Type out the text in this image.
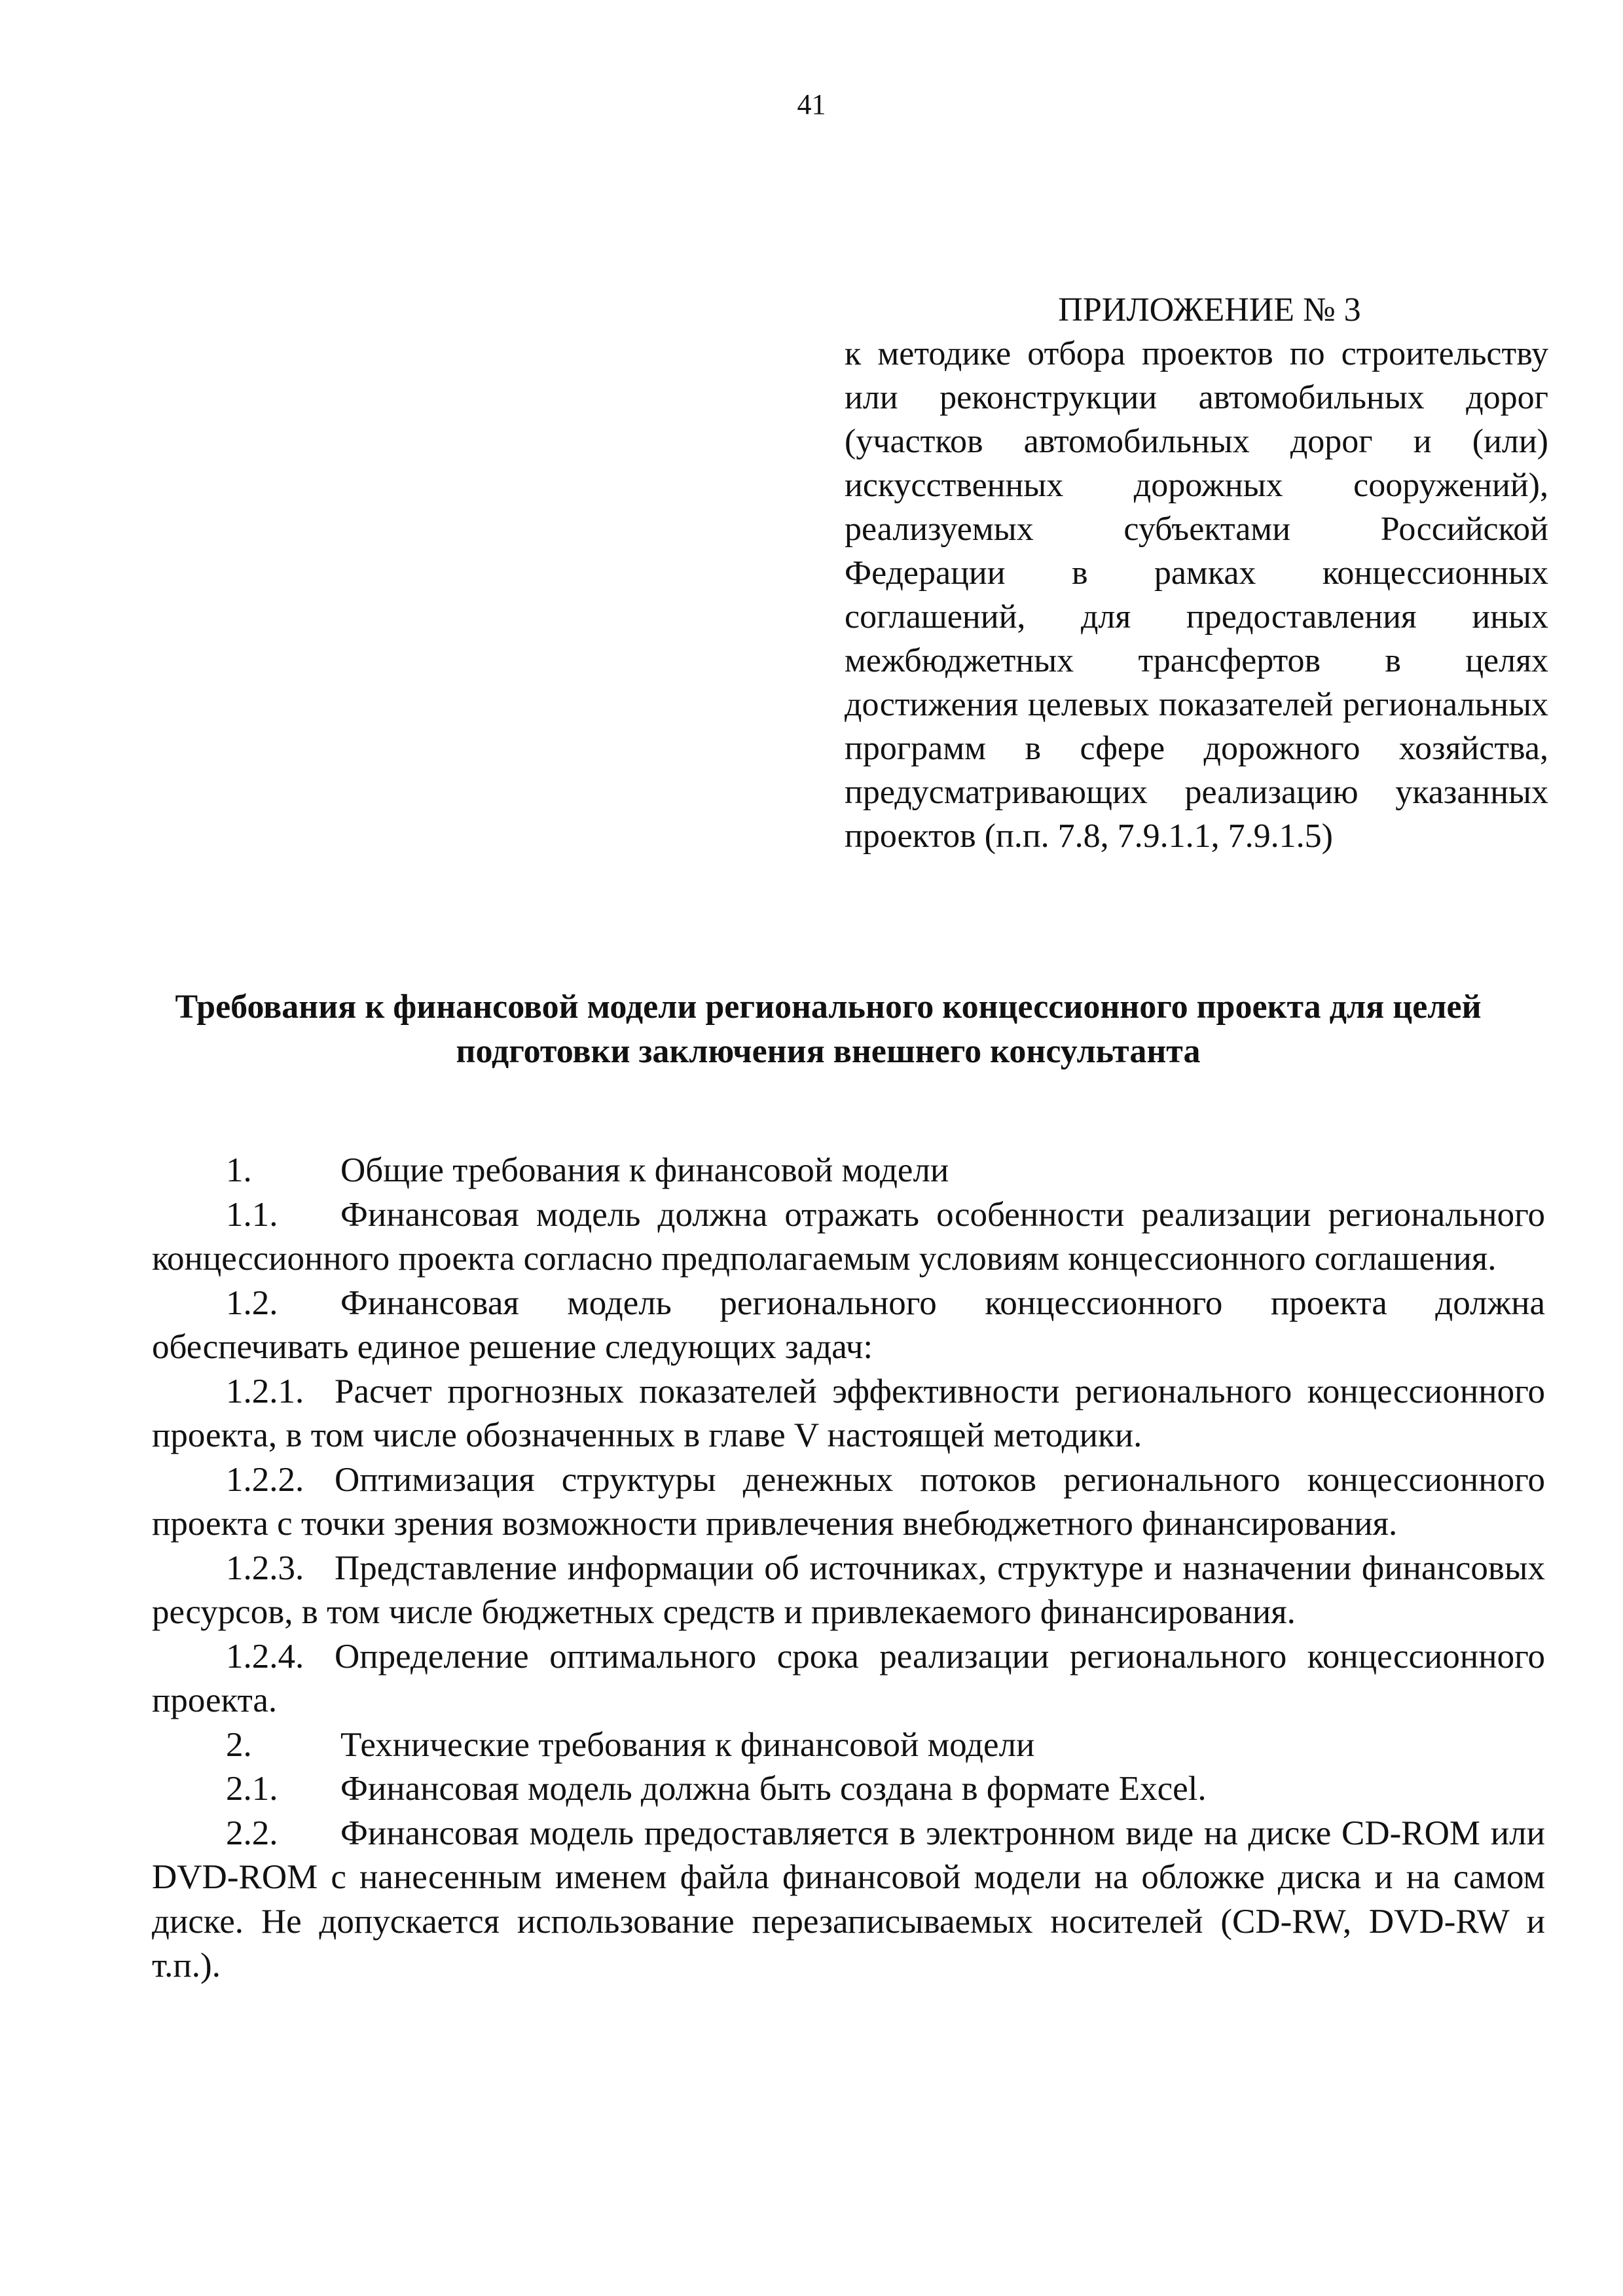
41
ПРИЛОЖЕНИЕ № 3
к методике отбора проектов по строительству или реконструкции автомобильных дорог (участков автомобильных дорог и (или) искусственных дорожных сооружений), реализуемых субъектами Российской Федерации в рамках концессионных соглашений, для предоставления иных межбюджетных трансфертов в целях достижения целевых показателей региональных программ в сфере дорожного хозяйства, предусматривающих реализацию указанных проектов (п.п. 7.8, 7.9.1.1, 7.9.1.5)
Требования к финансовой модели регионального концессионного проекта для целей подготовки заключения внешнего консультанта

1.	Общие требования к финансовой модели

1.1. Финансовая модель должна отражать особенности реализации регионального концессионного проекта согласно предполагаемым условиям концессионного соглашения.

1.2. Финансовая модель регионального концессионного проекта должна обеспечивать единое решение следующих задач:

1.2.1. Расчет прогнозных показателей эффективности регионального концессионного проекта, в том числе обозначенных в главе V настоящей методики.

1.2.2. Оптимизация структуры денежных потоков регионального концессионного проекта с точки зрения возможности привлечения внебюджетного финансирования.

1.2.3. Представление информации об источниках, структуре и назначении финансовых ресурсов, в том числе бюджетных средств и привлекаемого финансирования.

1.2.4. Определение оптимального срока реализации регионального концессионного проекта.

2.	Технические требования к финансовой модели

2.1. Финансовая модель должна быть создана в формате Excel.

2.2. Финансовая модель предоставляется в электронном виде на диске CD-ROM или DVD-ROM с нанесенным именем файла финансовой модели на обложке диска и на самом диске. Не допускается использование перезаписываемых носителей (CD-RW, DVD-RW и т.п.).
